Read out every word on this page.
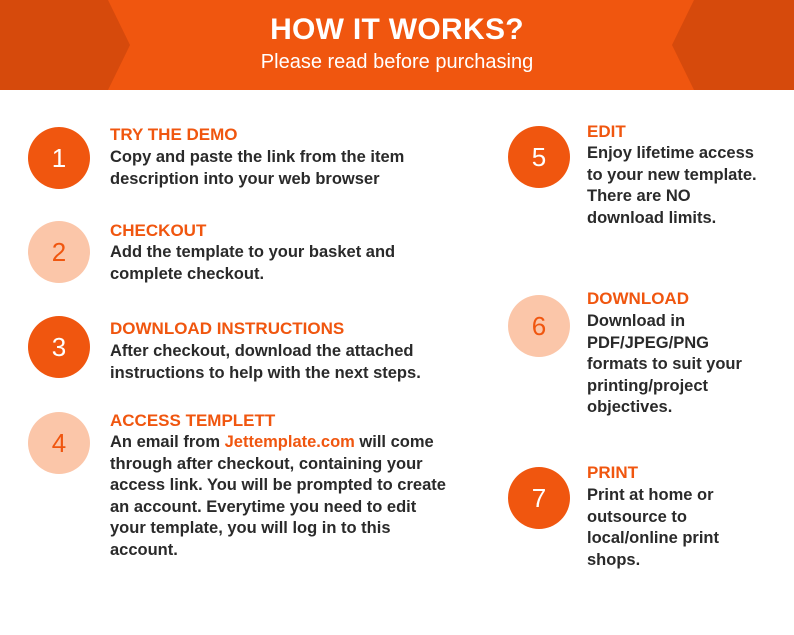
HOW IT WORKS?
Please read before purchasing
1
TRY THE DEMO
Copy and paste the link from the item description into your web browser
2
CHECKOUT
Add the template to your basket and complete checkout.
3
DOWNLOAD INSTRUCTIONS
After checkout, download the attached instructions to help with the next steps.
4
ACCESS TEMPLETT
An email from Jettemplate.com will come through after checkout, containing your access link. You will be prompted to create an account. Everytime you need to edit your template, you will log in to this account.
5
EDIT
Enjoy lifetime access to your new template. There are NO download limits.
6
DOWNLOAD
Download in PDF/JPEG/PNG formats to suit your printing/project objectives.
7
PRINT
Print at home or outsource to local/online print shops.
